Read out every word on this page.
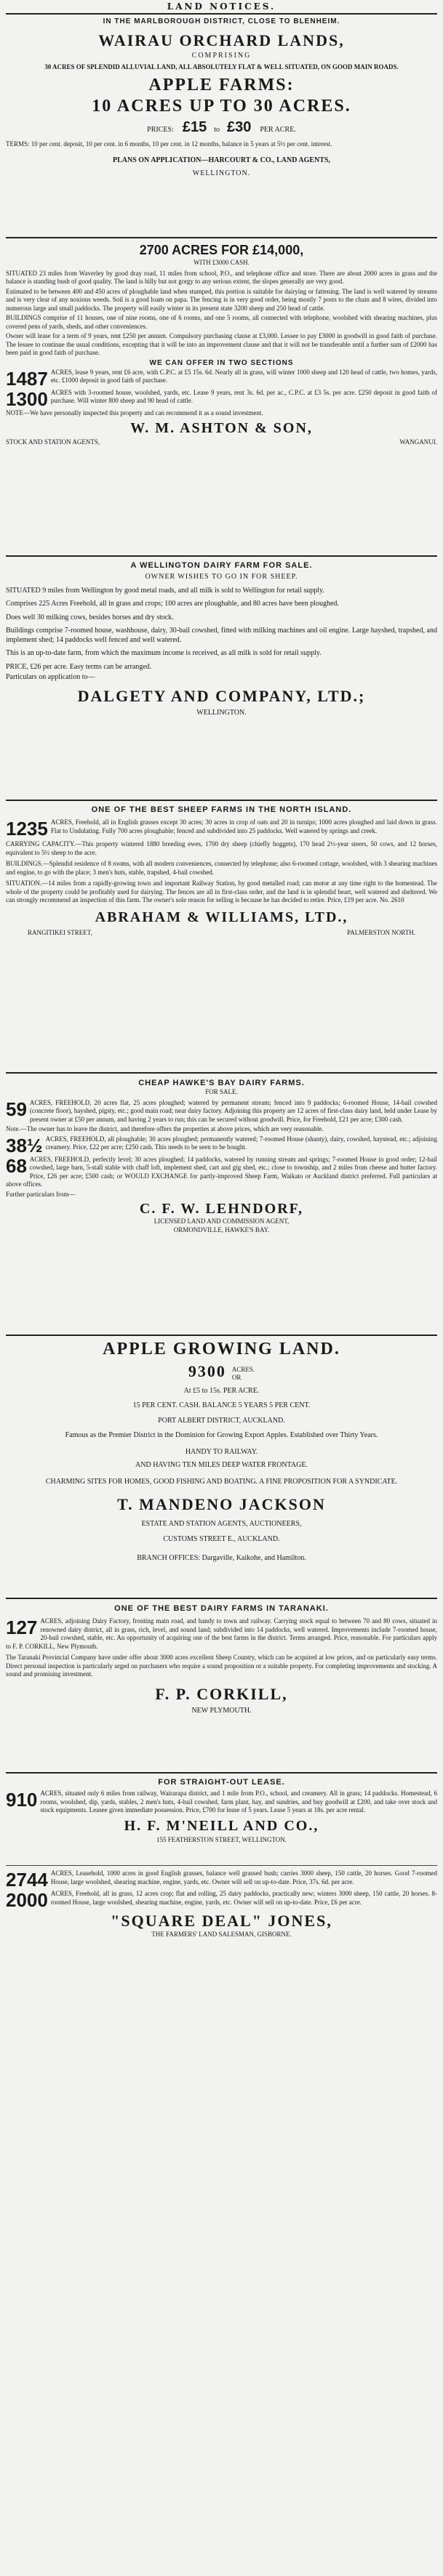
LAND NOTICES.
IN THE MARLBOROUGH DISTRICT, CLOSE TO BLENHEIM.
WAIRAU ORCHARD LANDS,
COMPRISING
30 ACRES OF SPLENDID ALLUVIAL LAND, ALL ABSOLUTELY FLAT & WELL SITUATED, ON GOOD MAIN ROADS.
APPLE FARMS:
10 ACRES UP TO 30 ACRES.
PRICES: £15 to £30 PER ACRE.
TERMS: 10 per cent. deposit, 10 per cent. in 6 months, 10 per cent. in 12 months, balance in 5 years at 5½ per cent. interest.
PLANS ON APPLICATION—HARCOURT & CO., LAND AGENTS,
WELLINGTON.
2700 ACRES FOR £14,000,
WITH £3000 CASH.
SITUATED 23 miles from Waverley by good dray road, 11 miles from school, P.O., and telephone office and store. There are about 2000 acres in grass and the balance is standing bush of good quality. The land is hilly but not gorgy to any serious extent, the slopes generally are very good.
Estimated to be between 400 and 450 acres of ploughable land when stumped, this portion is suitable for dairying or fattening. The land is well watered by streams and is very clear of any noxious weeds. Soil is a good loam on papa. The fencing is in very good order, being mostly 7 posts to the chain and 8 wires, divided into numerous large and small paddocks. The property will easily winter in its present state 3200 sheep and 250 head of cattle.
BUILDINGS comprise of 11 houses, one of nine rooms, one of 6 rooms, and one 5 rooms, all connected with telephone, woolshed with shearing machines, plus covered pens of yards, sheds, and other conveniences.
Owner will lease for a term of 9 years, rent £250 per annum. Compulsory purchasing clause at £3,000. Lessee to pay £3000 in goodwill in good faith of purchase. The lessee to continue the usual conditions, excepting that it will be into an improvement clause and that it will not be transferable until a further sum of £2000 has been paid in good faith of purchase.
WE CAN OFFER IN TWO SECTIONS
1487 ACRES, lease 9 years, rent £6 acre, with C.P.C. at £5 15s. 6d. Nearly all in grass, will winter 1000 sheep and 120 head of cattle, two homes, yards, etc. £1000 deposit in good faith of purchase.
1300 ACRES with 3-roomed house, woolshed, yards, etc. Lease 9 years, rent 3s. 6d. per ac., C.P.C. at £3 5s. per acre. £250 deposit in good faith of purchase. Will winter 800 sheep and 90 head of cattle.
NOTE—We have personally inspected this property and can recommend it as a sound investment.
W. M. ASHTON & SON,
STOCK AND STATION AGENTS,	WANGANUI.
A WELLINGTON DAIRY FARM FOR SALE.
OWNER WISHES TO GO IN FOR SHEEP.
SITUATED 9 miles from Wellington by good metal roads, and all milk is sold to Wellington for retail supply.
Comprises 225 Acres Freehold, all in grass and crops; 100 acres are ploughable, and 80 acres have been ploughed.
Does well 30 milking cows, besides horses and dry stock.
Buildings comprise 7-roomed house, washhouse, dairy, 30-bail cowshed, fitted with milking machines and oil engine. Large hayshed, trapshed, and implement shed; 14 paddocks well fenced and well watered.
This is an up-to-date farm, from which the maximum income is received, as all milk is sold for retail supply.
PRICE, £26 per acre. Easy terms can be arranged.
Particulars on application to—
DALGETY AND COMPANY, LTD.;
WELLINGTON.
ONE OF THE BEST SHEEP FARMS IN THE NORTH ISLAND.
1235 ACRES, Freehold, all in English grasses except 30 acres; 30 acres in crop of oats and 20 in turnips; 1000 acres ploughed and laid down in grass. Flat to Undulating. Fully 700 acres ploughable; fenced and subdivided into 25 paddocks. Well watered by springs and creek.
CARRYING CAPACITY.—This property wintered 1880 breeding ewes, 1700 dry sheep (chiefly hoggets), 170 head 2½-year steers, 50 cows, and 12 horses, equivalent to 5½ sheep to the acre.
BUILDINGS.—Splendid residence of 8 rooms, with all modern conveniences, connected by telephone; also 6-roomed cottage, woolshed, with 3 shearing machines and engine, to go with the place; 3 men's huts, stable, trapshed, 4-bail cowshed.
SITUATION.—14 miles from a rapidly-growing town and important Railway Station, by good metalled road; can motor at any time right to the homestead. The whole of the property could be profitably used for dairying. The fences are all in first-class order, and the land is in splendid heart, well watered and sheltered. We can strongly recommend an inspection of this farm. The owner's sole reason for selling is because he has decided to retire. Price, £19 per acre. No. 2610
ABRAHAM & WILLIAMS, LTD.,
RANGITIKEI STREET,	PALMERSTON NORTH.
CHEAP HAWKE'S BAY DAIRY FARMS.
FOR SALE.
59 ACRES, FREEHOLD, 20 acres flat, 25 acres ploughed; watered by permanent stream; fenced into 9 paddocks; 6-roomed House, 14-bail cowshed (concrete floor), hayshed, pigsty, etc.; good main road; near dairy factory. Adjoining this property are 12 acres of first-class dairy land, held under Lease by present owner at £50 per annum, and having 2 years to run; this can be secured without goodwill. Price, for Freehold, £21 per acre; £300 cash.
Note.—The owner has to leave the district, and therefore offers the properties at above prices, which are very reasonable.
38½ ACRES, FREEHOLD, all ploughable; 30 acres ploughed; permanently watered; 7-roomed House (shanty), dairy, cowshed, haystead, etc.; adjoining creamery. Price, £22 per acre; £250 cash. This needs to be seen to be bought.
68 ACRES, FREEHOLD, perfectly level; 30 acres ploughed; 14 paddocks, watered by running stream and springs; 7-roomed House in good order; 12-bail cowshed, large barn, 5-stall stable with chaff loft, implement shed, cart and gig shed, etc.; close to township, and 2 miles from cheese and butter factory. Price, £26 per acre; £500 cash; or WOULD EXCHANGE for partly-improved Sheep Farm, Waikato or Auckland district preferred. Full particulars at above offices.
Further particulars from—
C. F. W. LEHNDORF,
LICENSED LAND AND COMMISSION AGENT,
ORMONDVILLE, HAWKE'S BAY.
APPLE GROWING LAND.
9300 ACRES.
OR
At £5 to 15s. PER ACRE.
15 PER CENT. CASH. BALANCE 5 YEARS 5 PER CENT.
PORT ALBERT DISTRICT, AUCKLAND.
Famous as the Premier District in the Dominion for Growing Export Apples. Established over Thirty Years.
HANDY TO RAILWAY.
AND HAVING TEN MILES DEEP WATER FRONTAGE.
CHARMING SITES FOR HOMES, GOOD FISHING AND BOATING. A FINE PROPOSITION FOR A SYNDICATE.
T. MANDENO JACKSON
ESTATE AND STATION AGENTS, AUCTIONEERS,
CUSTOMS STREET E., AUCKLAND.
BRANCH OFFICES: Dargaville, Kaikohe, and Hamilton.
ONE OF THE BEST DAIRY FARMS IN TARANAKI.
127 ACRES, adjoining Dairy Factory, fronting main road, and handy to town and railway. Carrying stock equal to between 70 and 80 cows, situated in renowned dairy district, all in grass, rich, level, and sound land; subdivided into 14 paddocks, well watered. Improvements include 7-roomed house, 20-bail cowshed, stable, etc. An opportunity of acquiring one of the best farms in the district. Terms arranged. Price, reasonable. For particulars apply to F. P. CORKILL, New Plymouth.
The Taranaki Provincial Company have under offer about 3000 acres excellent Sheep Country, which can be acquired at low prices, and on particularly easy terms. Direct personal inspection is particularly urged on purchasers who require a sound proposition or a suitable property. For completing improvements and stocking. A sound and promising investment.
F. P. CORKILL,
NEW PLYMOUTH.
FOR STRAIGHT-OUT LEASE.
910 ACRES, situated only 6 miles from railway, Wairarapa district, and 1 mile from P.O., school, and creamery. All in grass; 14 paddocks. Homestead, 6 rooms, woolshed, dip, yards, stables, 2 men's huts, 4-bail cowshed, farm plant, hay, and sundries, and buy goodwill at £200, and take over stock and stock equipments. Leasee given immediate possession. Price, £700 for lease of 5 years. Lease 5 years at 18s. per acre rental.
H. F. M'NEILL AND CO.,
155 FEATHERSTON STREET, WELLINGTON.
2744 ACRES, Leasehold, 1000 acres in good English grasses, balance well grassed bush; carries 3000 sheep, 150 cattle, 20 horses. Good 7-roomed House, large woolshed, shearing machine, engine, yards, etc. Owner will sell on up-to-date. Price, 37s. 6d. per acre.
2000 ACRES, Freehold, all in grass, 12 acres crop; flat and rolling, 25 dairy paddocks, practically new; winters 3000 sheep, 150 cattle, 20 horses. 8-roomed House, large woolshed, shearing machine, engine, yards, etc. Owner will sell on up-to-date. Price, £6 per acre.
"SQUARE DEAL" JONES,
THE FARMERS' LAND SALESMAN, GISBORNE.
